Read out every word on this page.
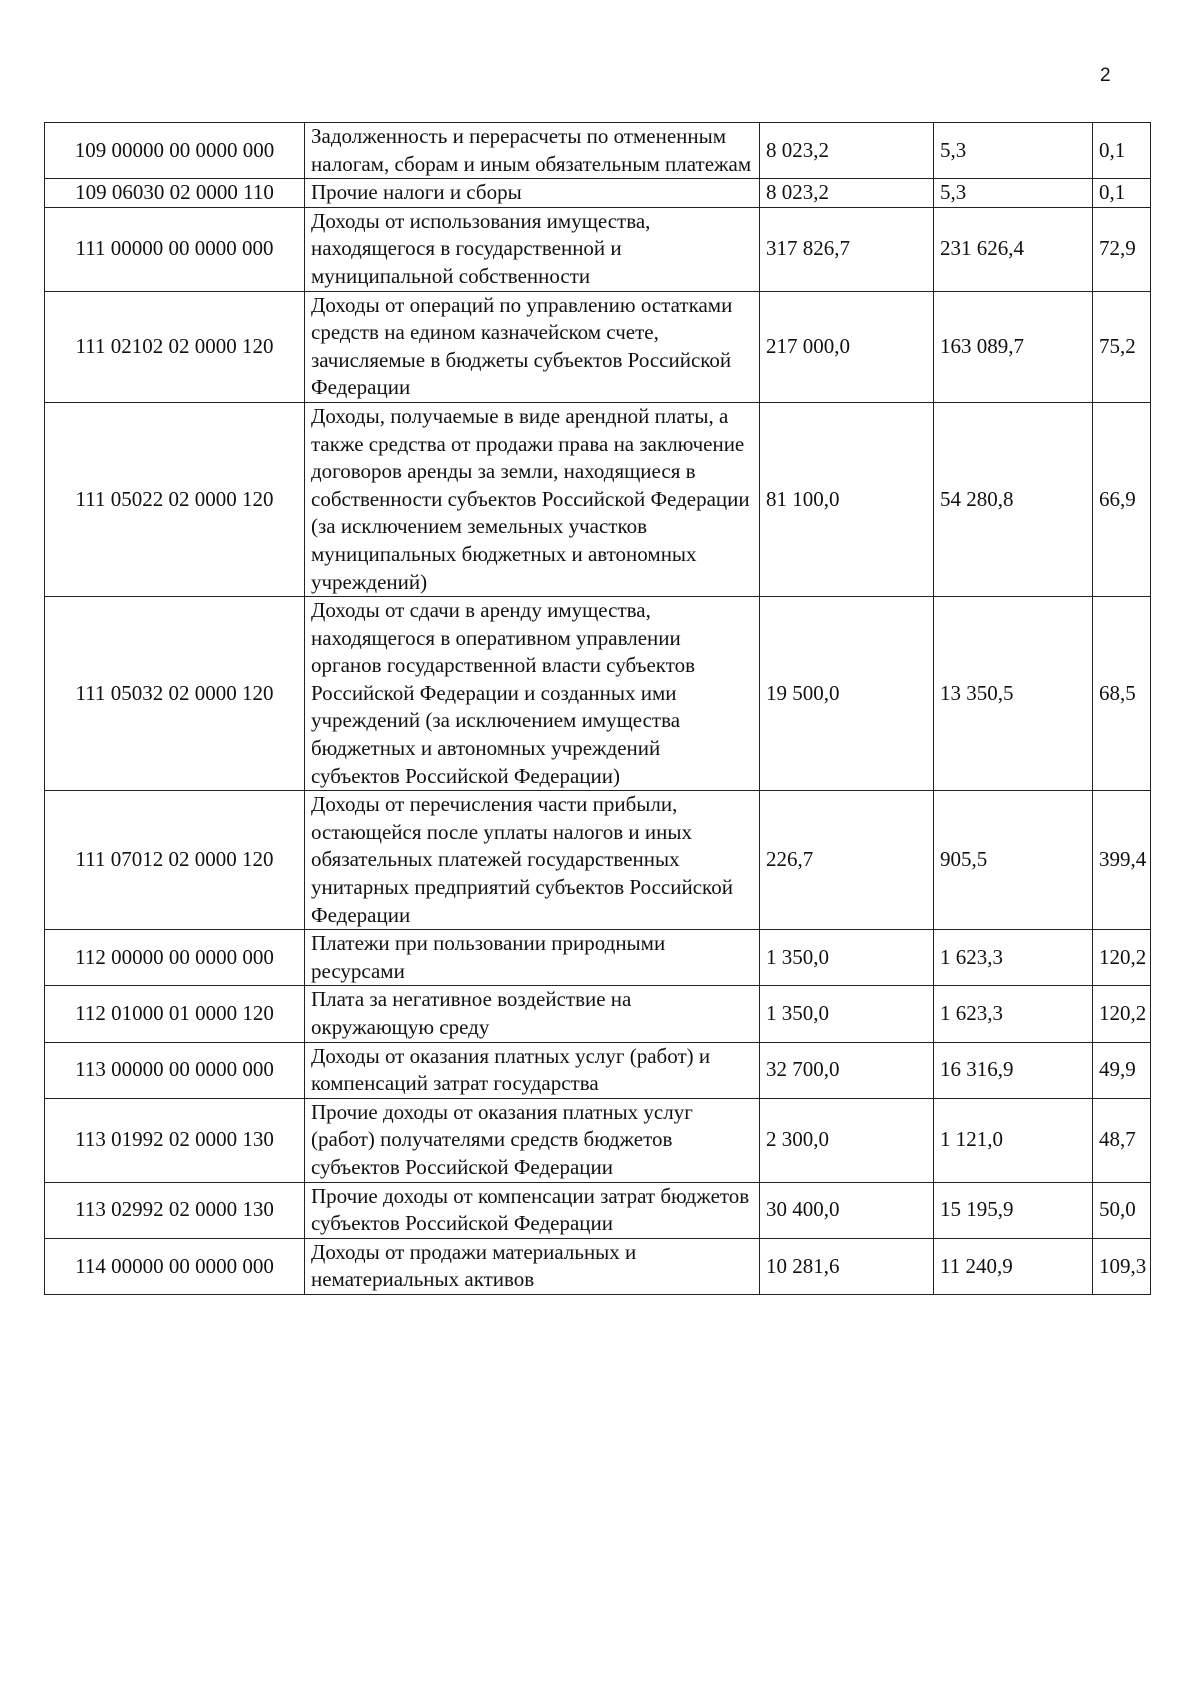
2
109 00000 00 0000 000	Задолженность и перерасчеты по отмененным налогам, сборам и иным обязательным платежам	8 023,2	5,3	0,1
109 06030 02 0000 110	Прочие налоги и сборы	8 023,2	5,3	0,1
111 00000 00 0000 000	Доходы от использования имущества, находящегося в государственной и муниципальной собственности	317 826,7	231 626,4	72,9
111 02102 02 0000 120	Доходы от операций по управлению остатками средств на едином казначейском счете, зачисляемые в бюджеты субъектов Российской Федерации	217 000,0	163 089,7	75,2
111 05022 02 0000 120	Доходы, получаемые в виде арендной платы, а также средства от продажи права на заключение договоров аренды за земли, находящиеся в собственности субъектов Российской Федерации (за исключением земельных участков муниципальных бюджетных и автономных учреждений)	81 100,0	54 280,8	66,9
111 05032 02 0000 120	Доходы от сдачи в аренду имущества, находящегося в оперативном управлении органов государственной власти субъектов Российской Федерации и созданных ими учреждений (за исключением имущества бюджетных и автономных учреждений субъектов Российской Федерации)	19 500,0	13 350,5	68,5
111 07012 02 0000 120	Доходы от перечисления части прибыли, остающейся после уплаты налогов и иных обязательных платежей государственных унитарных предприятий субъектов Российской Федерации	226,7	905,5	399,4
112 00000 00 0000 000	Платежи при пользовании природными ресурсами	1 350,0	1 623,3	120,2
112 01000 01 0000 120	Плата за негативное воздействие на окружающую среду	1 350,0	1 623,3	120,2
113 00000 00 0000 000	Доходы от оказания платных услуг (работ) и компенсаций затрат государства	32 700,0	16 316,9	49,9
113 01992 02 0000 130	Прочие доходы от оказания платных услуг (работ) получателями средств бюджетов субъектов Российской Федерации	2 300,0	1 121,0	48,7
113 02992 02 0000 130	Прочие доходы от компенсации затрат бюджетов субъектов Российской Федерации	30 400,0	15 195,9	50,0
114 00000 00 0000 000	Доходы от продажи материальных и нематериальных активов	10 281,6	11 240,9	109,3
